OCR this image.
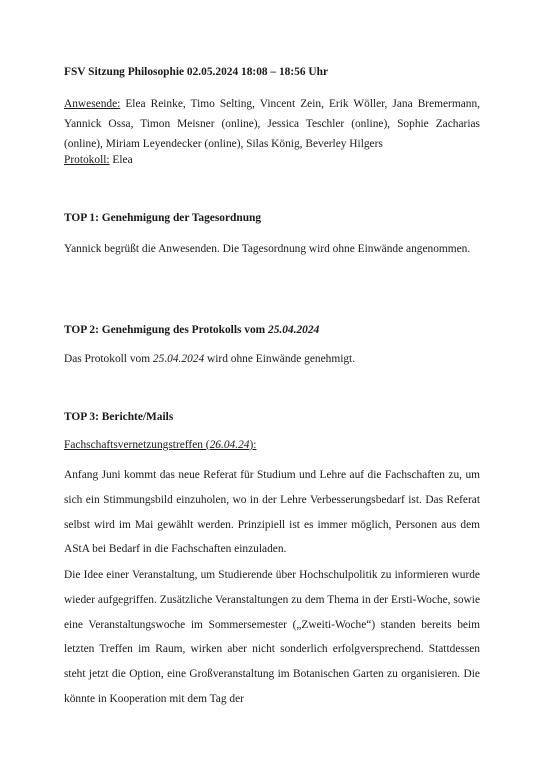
FSV Sitzung Philosophie 02.05.2024 18:08 – 18:56 Uhr
Anwesende: Elea Reinke, Timo Selting, Vincent Zein, Erik Wöller, Jana Bremermann, Yannick Ossa, Timon Meisner (online), Jessica Teschler (online), Sophie Zacharias (online), Miriam Leyendecker (online), Silas König, Beverley Hilgers
Protokoll: Elea
TOP 1: Genehmigung der Tagesordnung
Yannick begrüßt die Anwesenden. Die Tagesordnung wird ohne Einwände angenommen.
TOP 2: Genehmigung des Protokolls vom 25.04.2024
Das Protokoll vom 25.04.2024 wird ohne Einwände genehmigt.
TOP 3: Berichte/Mails
Fachschaftsvernetzungstreffen (26.04.24):
Anfang Juni kommt das neue Referat für Studium und Lehre auf die Fachschaften zu, um sich ein Stimmungsbild einzuholen, wo in der Lehre Verbesserungsbedarf ist. Das Referat selbst wird im Mai gewählt werden. Prinzipiell ist es immer möglich, Personen aus dem AStA bei Bedarf in die Fachschaften einzuladen.
Die Idee einer Veranstaltung, um Studierende über Hochschulpolitik zu informieren wurde wieder aufgegriffen. Zusätzliche Veranstaltungen zu dem Thema in der Ersti-Woche, sowie eine Veranstaltungswoche im Sommersemester („Zweiti-Woche“) standen bereits beim letzten Treffen im Raum, wirken aber nicht sonderlich erfolgversprechend. Stattdessen steht jetzt die Option, eine Großveranstaltung im Botanischen Garten zu organisieren. Die könnte in Kooperation mit dem Tag der
